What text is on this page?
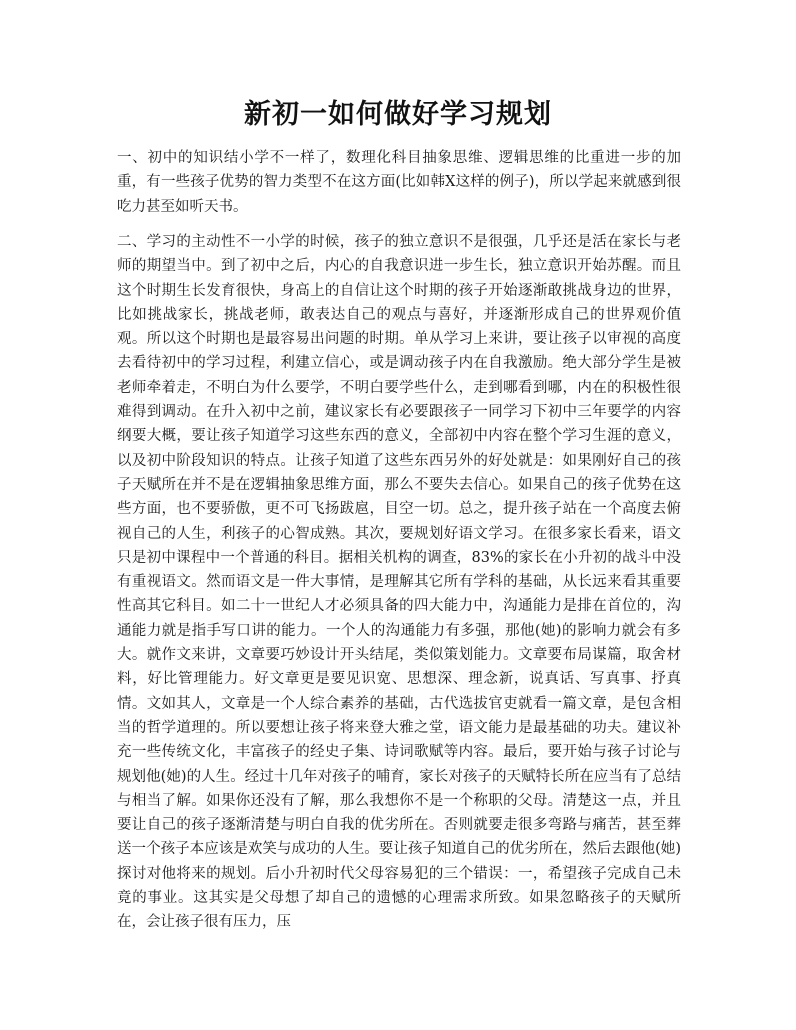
新初一如何做好学习规划

一、初中的知识结小学不一样了，数理化科目抽象思维、逻辑思维的比重进一步的加重，有一些孩子优势的智力类型不在这方面(比如韩X这样的例子)，所以学起来就感到很吃力甚至如听天书。

二、学习的主动性不一小学的时候，孩子的独立意识不是很强，几乎还是活在家长与老师的期望当中。到了初中之后，内心的自我意识进一步生长，独立意识开始苏醒。而且这个时期生长发育很快，身高上的自信让这个时期的孩子开始逐渐敢挑战身边的世界，比如挑战家长，挑战老师，敢表达自己的观点与喜好，并逐渐形成自己的世界观价值观。所以这个时期也是最容易出问题的时期。单从学习上来讲，要让孩子以审视的高度去看待初中的学习过程，利建立信心，或是调动孩子内在自我激励。绝大部分学生是被老师牵着走，不明白为什么要学，不明白要学些什么，走到哪看到哪，内在的积极性很难得到调动。在升入初中之前，建议家长有必要跟孩子一同学习下初中三年要学的内容纲要大概，要让孩子知道学习这些东西的意义，全部初中内容在整个学习生涯的意义，以及初中阶段知识的特点。让孩子知道了这些东西另外的好处就是：如果刚好自己的孩子天赋所在并不是在逻辑抽象思维方面，那么不要失去信心。如果自己的孩子优势在这些方面，也不要骄傲，更不可飞扬跋扈，目空一切。总之，提升孩子站在一个高度去俯视自己的人生，利孩子的心智成熟。其次，要规划好语文学习。在很多家长看来，语文只是初中课程中一个普通的科目。据相关机构的调查，83%的家长在小升初的战斗中没有重视语文。然而语文是一件大事情，是理解其它所有学科的基础，从长远来看其重要性高其它科目。如二十一世纪人才必须具备的四大能力中，沟通能力是排在首位的，沟通能力就是指手写口讲的能力。一个人的沟通能力有多强，那他(她)的影响力就会有多大。就作文来讲，文章要巧妙设计开头结尾，类似策划能力。文章要布局谋篇，取舍材料，好比管理能力。好文章更是要见识宽、思想深、理念新，说真话、写真事、抒真情。文如其人，文章是一个人综合素养的基础，古代选拔官吏就看一篇文章，是包含相当的哲学道理的。所以要想让孩子将来登大雅之堂，语文能力是最基础的功夫。建议补充一些传统文化，丰富孩子的经史子集、诗词歌赋等内容。最后，要开始与孩子讨论与规划他(她)的人生。经过十几年对孩子的哺育，家长对孩子的天赋特长所在应当有了总结与相当了解。如果你还没有了解，那么我想你不是一个称职的父母。清楚这一点，并且要让自己的孩子逐渐清楚与明白自我的优劣所在。否则就要走很多弯路与痛苦，甚至葬送一个孩子本应该是欢笑与成功的人生。要让孩子知道自己的优劣所在，然后去跟他(她)探讨对他将来的规划。后小升初时代父母容易犯的三个错误：一，希望孩子完成自己未竟的事业。这其实是父母想了却自己的遗憾的心理需求所致。如果忽略孩子的天赋所在，会让孩子很有压力，压
